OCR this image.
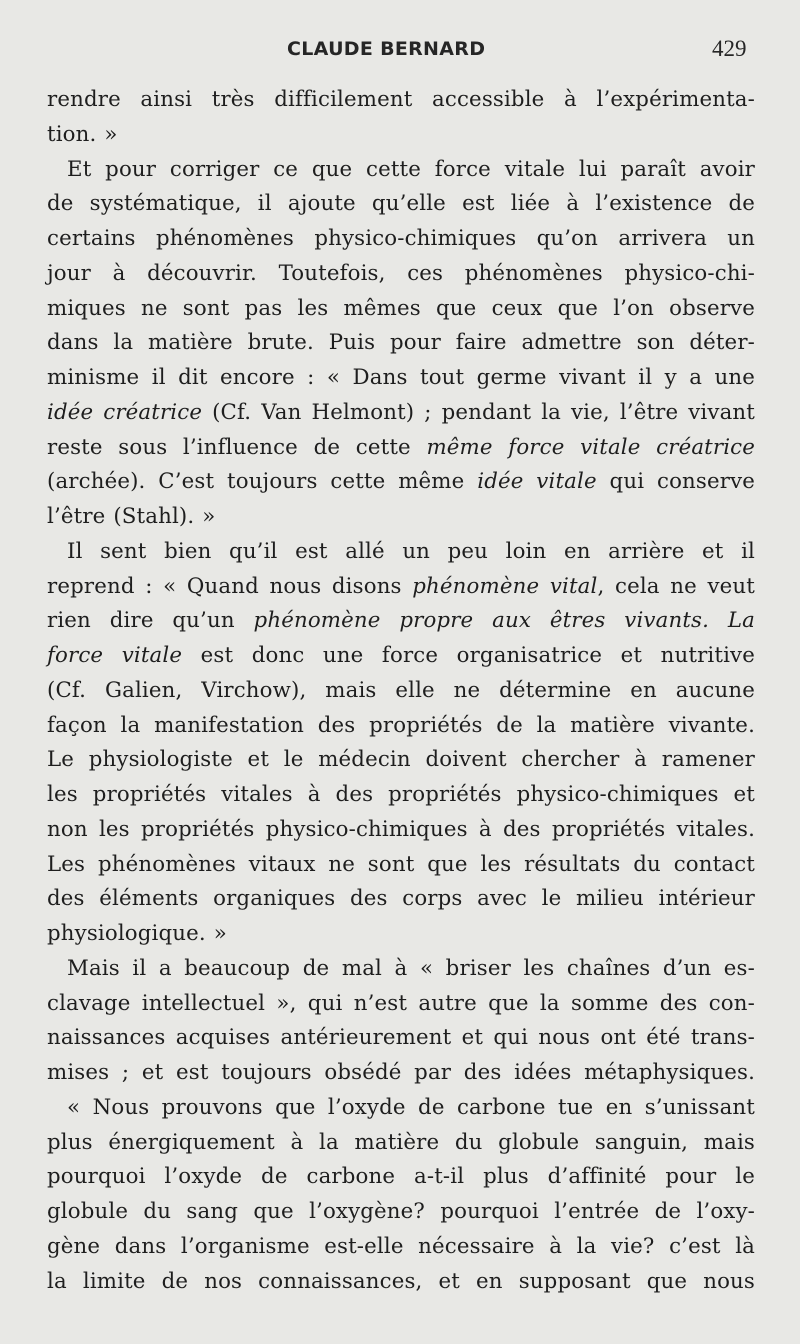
CLAUDE BERNARD	429
rendre ainsi très difficilement accessible à l’expérimenta-
tion. »
Et pour corriger ce que cette force vitale lui paraît avoir
de systématique, il ajoute qu’elle est liée à l’existence de
certains phénomènes physico-chimiques qu’on arrivera un
jour à découvrir. Toutefois, ces phénomènes physico-chi-
miques ne sont pas les mêmes que ceux que l’on observe
dans la matière brute. Puis pour faire admettre son déter-
minisme il dit encore : « Dans tout germe vivant il y a une
idée créatrice (Cf. Van Helmont) ; pendant la vie, l’être vivant
reste sous l’influence de cette même force vitale créatrice
(archée). C’est toujours cette même idée vitale qui conserve
l’être (Stahl). »
Il sent bien qu’il est allé un peu loin en arrière et il
reprend : « Quand nous disons phénomène vital, cela ne veut
rien dire qu’un phénomène propre aux êtres vivants. La
force vitale est donc une force organisatrice et nutritive
(Cf. Galien, Virchow), mais elle ne détermine en aucune
façon la manifestation des propriétés de la matière vivante.
Le physiologiste et le médecin doivent chercher à ramener
les propriétés vitales à des propriétés physico-chimiques et
non les propriétés physico-chimiques à des propriétés vitales.
Les phénomènes vitaux ne sont que les résultats du contact
des éléments organiques des corps avec le milieu intérieur
physiologique. »
Mais il a beaucoup de mal à « briser les chaînes d’un es-
clavage intellectuel », qui n’est autre que la somme des con-
naissances acquises antérieurement et qui nous ont été trans-
mises ; et est toujours obsédé par des idées métaphysiques.
« Nous prouvons que l’oxyde de carbone tue en s’unissant
plus énergiquement à la matière du globule sanguin, mais
pourquoi l’oxyde de carbone a-t-il plus d’affinité pour le
globule du sang que l’oxygène? pourquoi l’entrée de l’oxy-
gène dans l’organisme est-elle nécessaire à la vie? c’est là
la limite de nos connaissances, et en supposant que nous
